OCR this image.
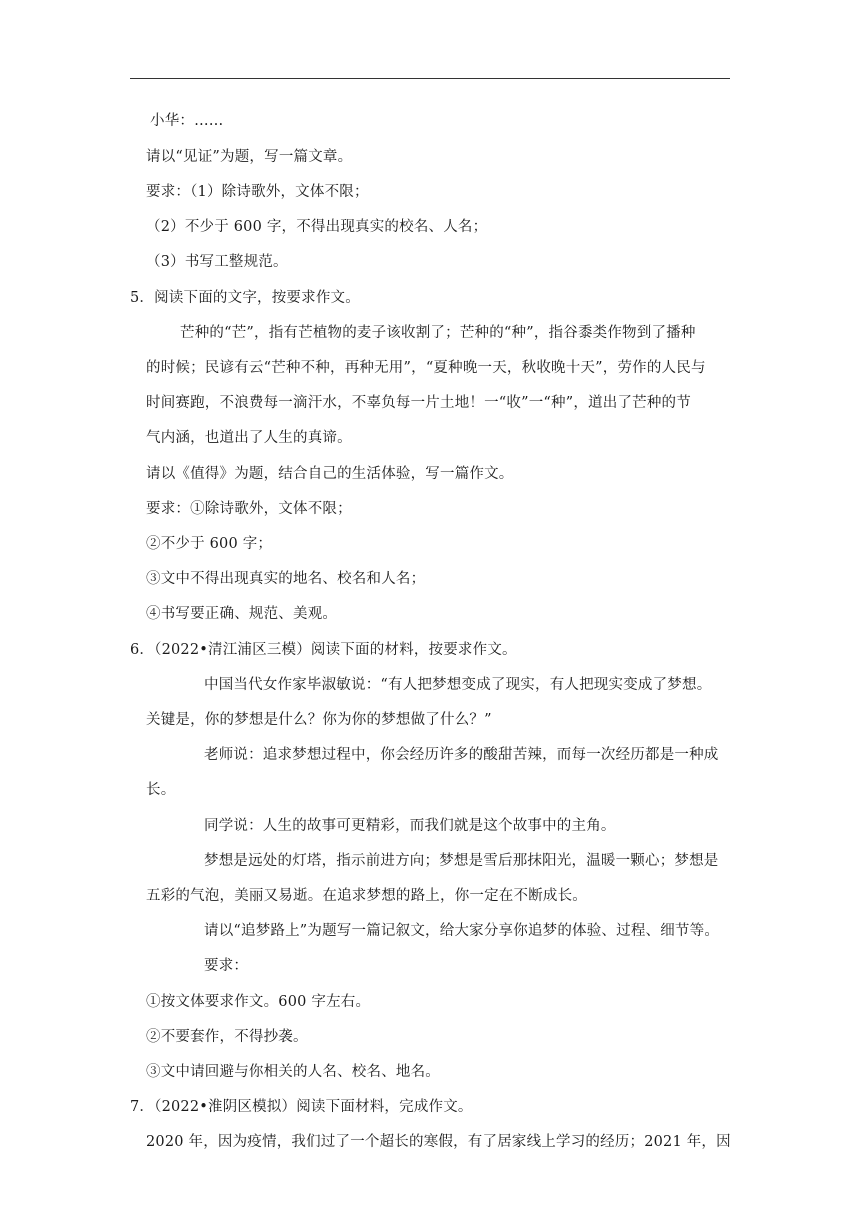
小华：……
请以“见证”为题，写一篇文章。
要求：（1）除诗歌外，文体不限；
（2）不少于 600 字，不得出现真实的校名、人名；
（3）书写工整规范。
5．阅读下面的文字，按要求作文。
芒种的“芒”，指有芒植物的麦子该收割了；芒种的“种”，指谷黍类作物到了播种
的时候；民谚有云“芒种不种，再种无用”，“夏种晚一天，秋收晚十天”，劳作的人民与
时间赛跑，不浪费每一滴汗水，不辜负每一片土地！一“收”一“种”，道出了芒种的节
气内涵，也道出了人生的真谛。
请以《值得》为题，结合自己的生活体验，写一篇作文。
要求：①除诗歌外，文体不限；
②不少于 600 字；
③文中不得出现真实的地名、校名和人名；
④书写要正确、规范、美观。
6．（2022•清江浦区三模）阅读下面的材料，按要求作文。
中国当代女作家毕淑敏说：“有人把梦想变成了现实，有人把现实变成了梦想。
关键是，你的梦想是什么？你为你的梦想做了什么？”
老师说：追求梦想过程中，你会经历许多的酸甜苦辣，而每一次经历都是一种成
长。
同学说：人生的故事可更精彩，而我们就是这个故事中的主角。
梦想是远处的灯塔，指示前进方向；梦想是雪后那抹阳光，温暖一颗心；梦想是
五彩的气泡，美丽又易逝。在追求梦想的路上，你一定在不断成长。
请以“追梦路上”为题写一篇记叙文，给大家分享你追梦的体验、过程、细节等。
要求：
①按文体要求作文。600 字左右。
②不要套作，不得抄袭。
③文中请回避与你相关的人名、校名、地名。
7．（2022•淮阴区模拟）阅读下面材料，完成作文。
2020 年，因为疫情，我们过了一个超长的寒假，有了居家线上学习的经历；2021 年，因
